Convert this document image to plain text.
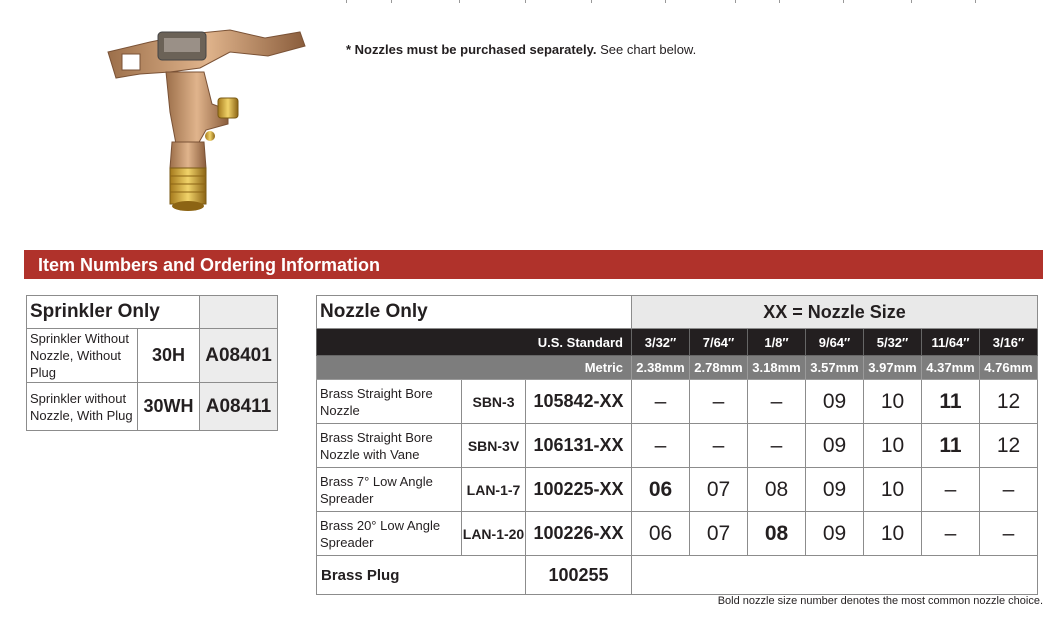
* Nozzles must be purchased separately. See chart below.
Item Numbers and Ordering Information
Sprinkler Only		
Sprinkler Without Nozzle, Without Plug	30H	A08401
Sprinkler without Nozzle, With Plug	30WH	A08411
Nozzle Only			XX = Nozzle Size						
U.S. Standard			3/32″	7/64″	1/8″	9/64″	5/32″	11/64″	3/16″
Metric			2.38mm	2.78mm	3.18mm	3.57mm	3.97mm	4.37mm	4.76mm
Brass Straight Bore Nozzle	SBN-3	105842-XX	–	–	–	09	10	11	12
Brass Straight Bore Nozzle with Vane	SBN-3V	106131-XX	–	–	–	09	10	11	12
Brass 7° Low Angle Spreader	LAN-1-7	100225-XX	06	07	08	09	10	–	–
Brass 20° Low Angle Spreader	LAN-1-20	100226-XX	06	07	08	09	10	–	–
Brass Plug		100255							
Bold nozzle size number denotes the most common nozzle choice.
